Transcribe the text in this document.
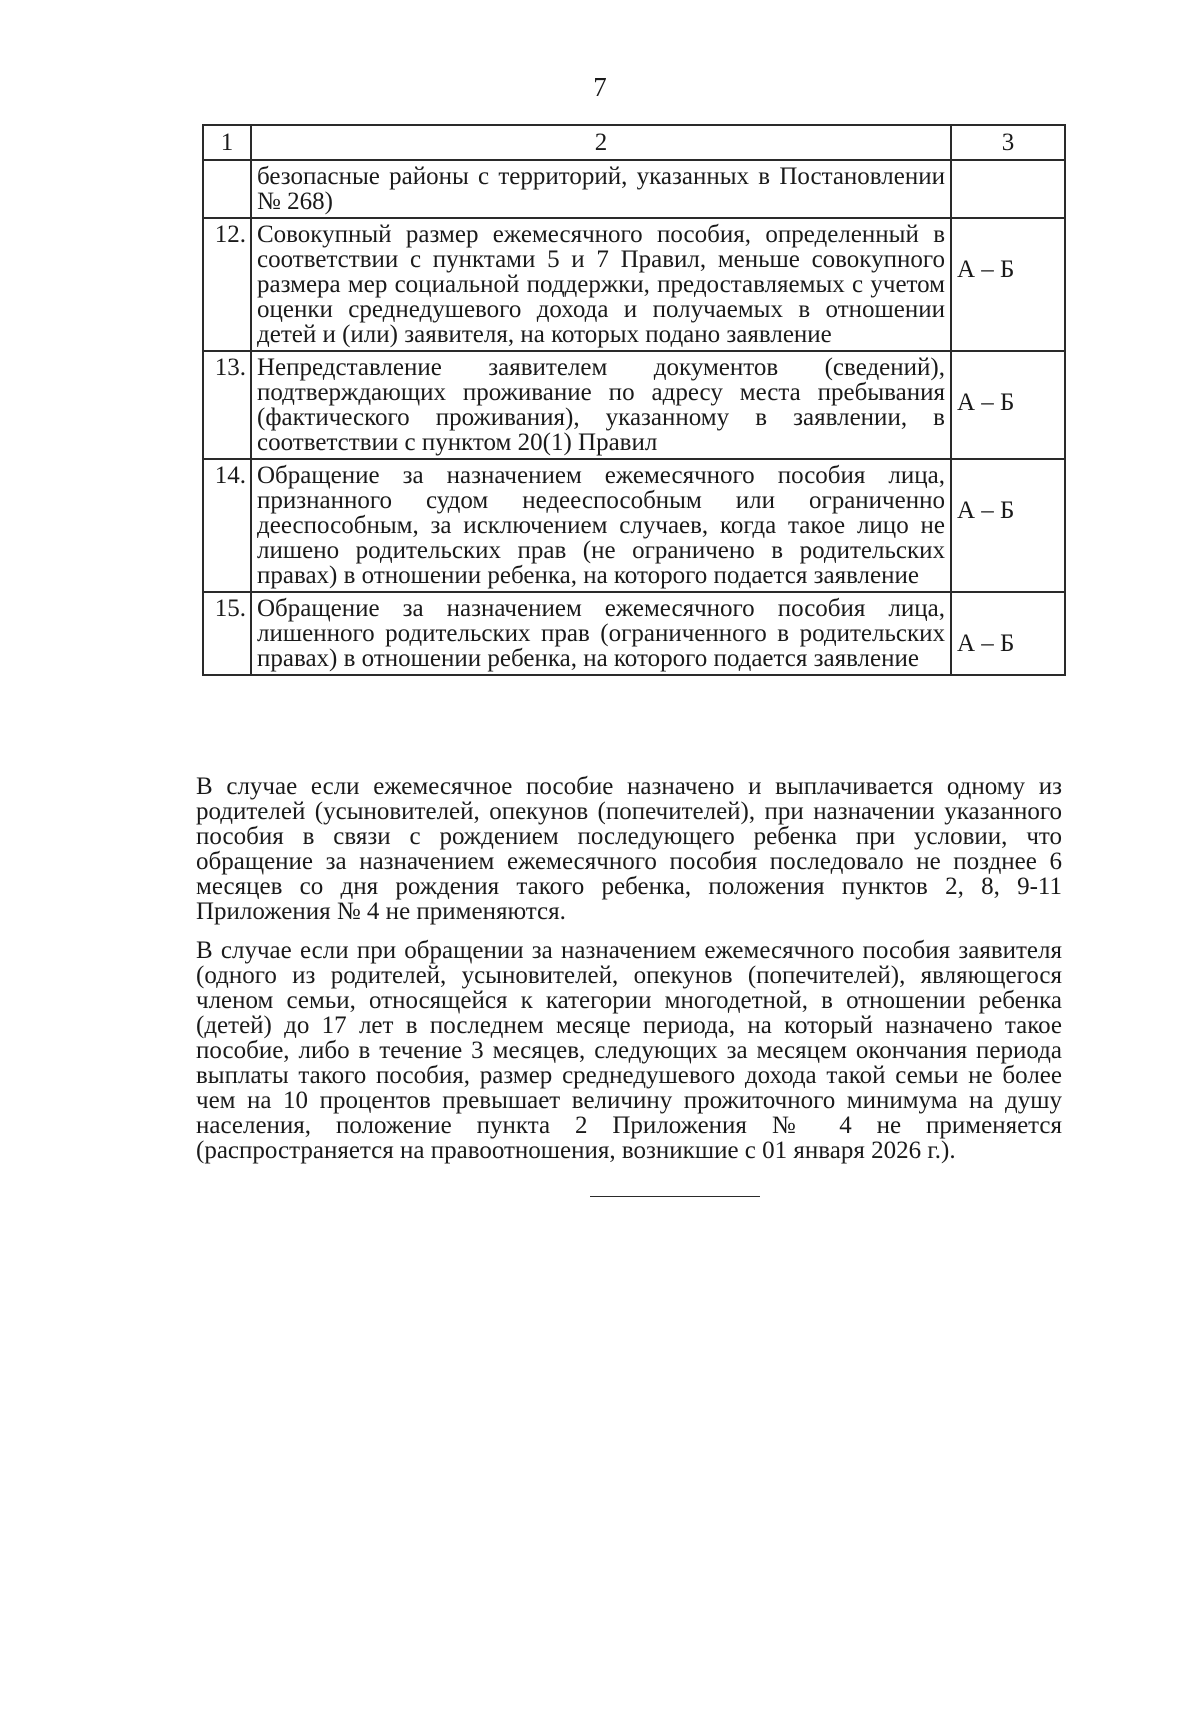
7
1	2	3
	безопасные районы с территорий, указанных в Постановлении № 268)	
12.	Совокупный размер ежемесячного пособия, определенный в соответствии с пунктами 5 и 7 Правил, меньше совокупного размера мер социальной поддержки, предоставляемых с учетом оценки среднедушевого дохода и получаемых в отношении детей и (или) заявителя, на которых подано заявление	А – Б
13.	Непредставление заявителем документов (сведений), подтверждающих проживание по адресу места пребывания (фактического проживания), указанному в заявлении, в соответствии с пунктом 20(1) Правил	А – Б
14.	Обращение за назначением ежемесячного пособия лица, признанного судом недееспособным или ограниченно дееспособным, за исключением случаев, когда такое лицо не лишено родительских прав (не ограничено в родительских правах) в отношении ребенка, на которого подается заявление	А – Б
15.	Обращение за назначением ежемесячного пособия лица, лишенного родительских прав (ограниченного в родительских правах) в отношении ребенка, на которого подается заявление	А – Б

В случае если ежемесячное пособие назначено и выплачивается одному из родителей (усыновителей, опекунов (попечителей), при назначении указанного пособия в связи с рождением последующего ребенка при условии, что обращение за назначением ежемесячного пособия последовало не позднее 6 месяцев со дня рождения такого ребенка, положения пунктов 2, 8, 9-11 Приложения № 4 не применяются.

В случае если при обращении за назначением ежемесячного пособия заявителя (одного из родителей, усыновителей, опекунов (попечителей), являющегося членом семьи, относящейся к категории многодетной, в отношении ребенка (детей) до 17 лет в последнем месяце периода, на который назначено такое пособие, либо в течение 3 месяцев, следующих за месяцем окончания периода выплаты такого пособия, размер среднедушевого дохода такой семьи не более чем на 10 процентов превышает величину прожиточного минимума на душу населения, положение пункта 2 Приложения № 4 не применяется (распространяется на правоотношения, возникшие с 01 января 2026 г.).
